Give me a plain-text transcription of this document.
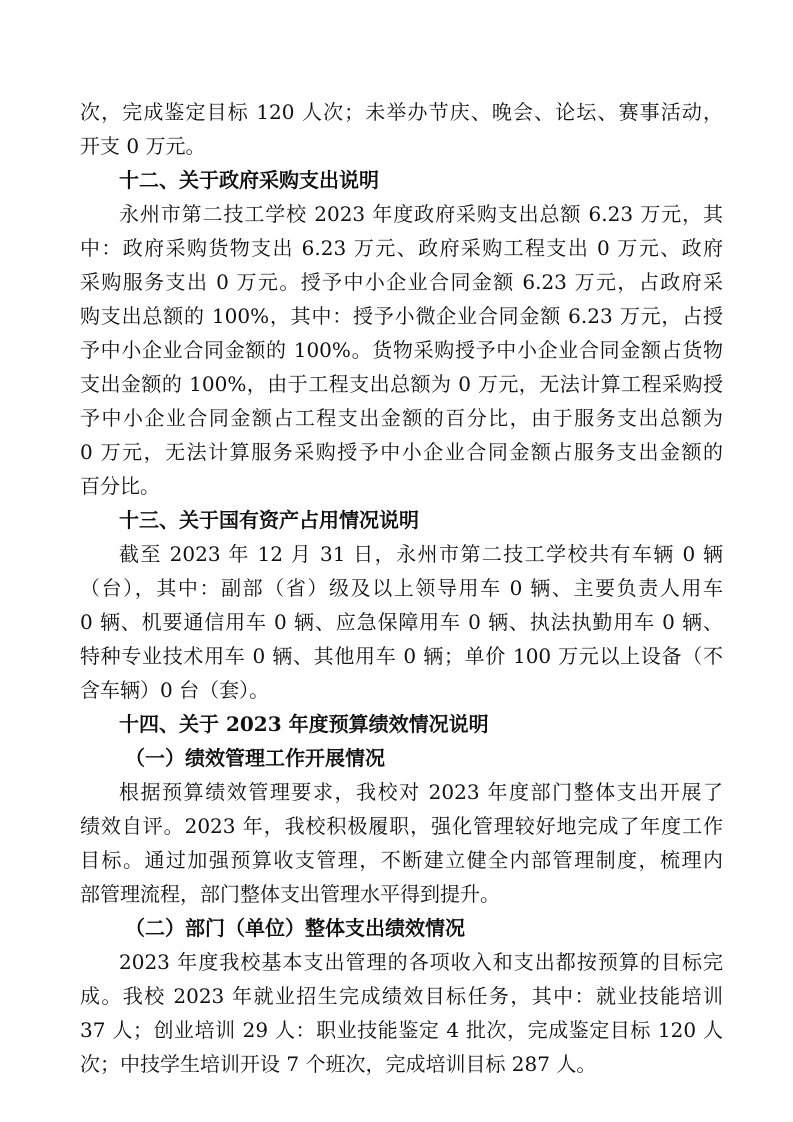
次，完成鉴定目标 120 人次；未举办节庆、晚会、论坛、赛事活动，
开支 0 万元。
十二、关于政府采购支出说明
永州市第二技工学校 2023 年度政府采购支出总额 6.23 万元，其
中：政府采购货物支出 6.23 万元、政府采购工程支出 0 万元、政府
采购服务支出 0 万元。授予中小企业合同金额 6.23 万元，占政府采
购支出总额的 100%，其中：授予小微企业合同金额 6.23 万元，占授
予中小企业合同金额的 100%。货物采购授予中小企业合同金额占货物
支出金额的 100%，由于工程支出总额为 0 万元，无法计算工程采购授
予中小企业合同金额占工程支出金额的百分比，由于服务支出总额为
0 万元，无法计算服务采购授予中小企业合同金额占服务支出金额的
百分比。
十三、关于国有资产占用情况说明
截至 2023 年 12 月 31 日，永州市第二技工学校共有车辆 0 辆
（台），其中：副部（省）级及以上领导用车 0 辆、主要负责人用车
0 辆、机要通信用车 0 辆、应急保障用车 0 辆、执法执勤用车 0 辆、
特种专业技术用车 0 辆、其他用车 0 辆；单价 100 万元以上设备（不
含车辆）0 台（套）。
十四、关于 2023 年度预算绩效情况说明
（一）绩效管理工作开展情况
根据预算绩效管理要求，我校对 2023 年度部门整体支出开展了
绩效自评。2023 年，我校积极履职，强化管理较好地完成了年度工作
目标。通过加强预算收支管理，不断建立健全内部管理制度，梳理内
部管理流程，部门整体支出管理水平得到提升。
（二）部门（单位）整体支出绩效情况
2023 年度我校基本支出管理的各项收入和支出都按预算的目标完
成。我校 2023 年就业招生完成绩效目标任务，其中：就业技能培训
37 人；创业培训 29 人：职业技能鉴定 4 批次，完成鉴定目标 120 人
次；中技学生培训开设 7 个班次，完成培训目标 287 人。
